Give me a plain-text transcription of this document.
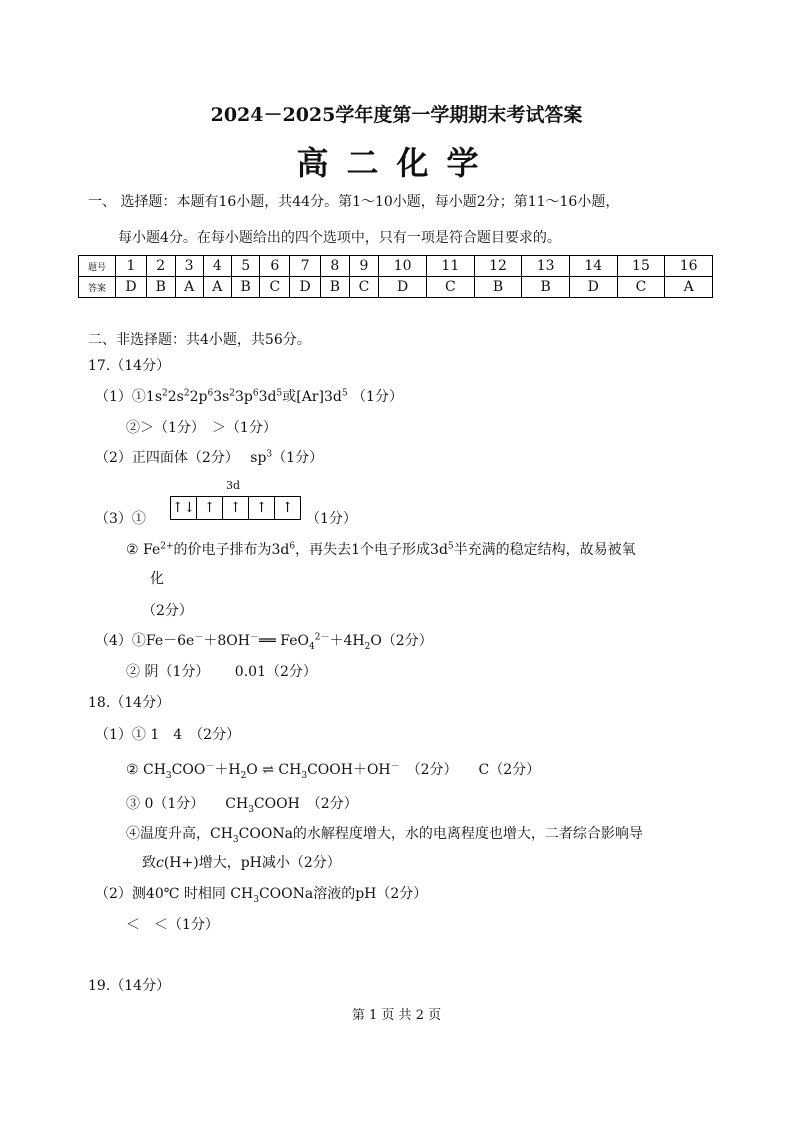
2024－2025学年度第一学期期末考试答案
高二化学
一、 选择题：本题有16小题，共44分。第1～10小题，每小题2分；第11～16小题，
每小题4分。在每小题给出的四个选项中，只有一项是符合题目要求的。
题号	1	2	3	4	5	6	7	8	9	10	11	12	13	14	15	16
答案	D	B	A	A	B	C	D	B	C	D	C	B	B	D	C	A
二、非选择题：共4小题，共56分。
17.（14分）
$(1)①1s^22s^22p^63s^23p^63d^5$或$[Ar]3d^5$ （1分）
②＞（1分）　＞（1分）
（2）正四面体（2分）　 $sp^3(1$分）
3d
（3）①
↑↓ ↑	↑	↑	↑
（1分）
② $Fe^{2+}$的价电子排布为$3d^6$，再失去1个电子形成$3d^5$半充满的稳定结构，故易被氧
化
（2分）
（4）①Fe－6e－＋8OH－══ $FeO_4^{2-}+4H_2O(2$分）
② 阴（1分）　　 0.01（2分）
18.（14分）
（1）① 1　4　（2分）
② $CH_3COO^-+H_2O$ ⇌ $CH_3COOH+OH^-$　（2分）　　C（2分）
③ 0（1分）　　$CH_3COOH$　（2分）
④温度升高，$CH_3COONa$的水解程度增大，水的电离程度也增大，二者综合影响导
致c(H+)增大，pH减小（2分）
（2）测40℃ 时相同 $CH_3COONa$溶液的pH（2分）
＜　＜（1分）
19.（14分）
第 1 页 共 2 页
